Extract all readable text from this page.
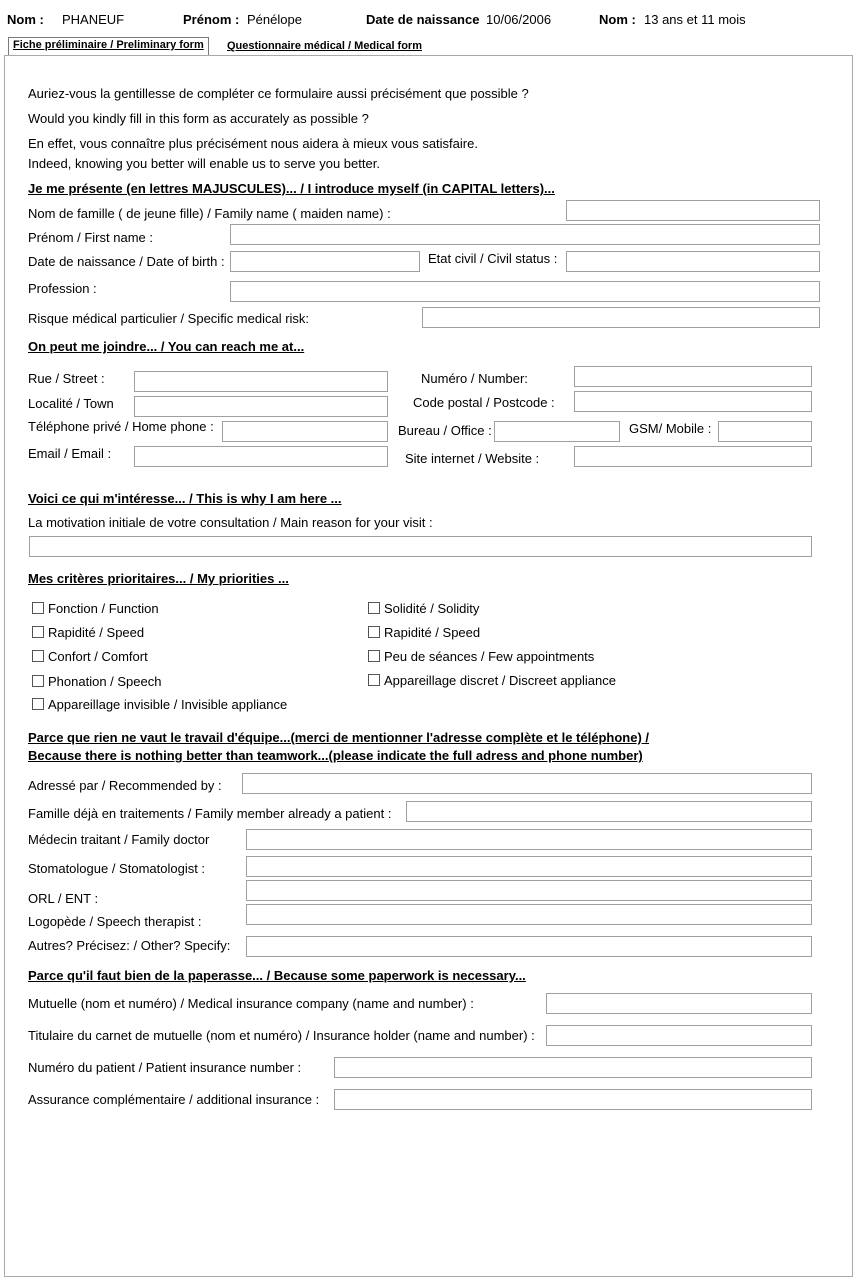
Nom : PHANEUF	Prénom : Pénélope	Date de naissance 10/06/2006	Nom : 13 ans et 11 mois
Fiche préliminaire / Preliminary form	Questionnaire médical / Medical form
Auriez-vous la gentillesse de compléter ce formulaire aussi précisément que possible ?
Would you kindly fill in this form as accurately as possible ?
En effet, vous connaître plus précisément nous aidera à mieux vous satisfaire.
Indeed, knowing you better will enable us to serve you better.
Je me présente (en lettres MAJUSCULES)... / I introduce myself (in CAPITAL letters)...
Nom de famille ( de jeune fille) / Family name ( maiden name) :
Prénom / First name :
Date de naissance / Date of birth :	Etat civil / Civil status :
Profession :
Risque médical particulier / Specific medical risk:
On peut me joindre... / You can reach me at...
Rue / Street :	Numéro / Number:
Localité / Town	Code postal / Postcode :
Téléphone privé / Home phone :	Bureau / Office :	GSM/ Mobile :
Email / Email :	Site internet / Website :
Voici ce qui m'intéresse... / This is why I am here ...
La motivation initiale de votre consultation / Main reason for your visit :
Mes critères prioritaires... / My priorities ...
Fonction / Function
Rapidité / Speed
Confort / Comfort
Phonation / Speech
Appareillage invisible / Invisible appliance
Solidité / Solidity
Rapidité / Speed
Peu de séances / Few appointments
Appareillage discret / Discreet appliance
Parce que rien ne vaut le travail d'équipe...(merci de mentionner l'adresse complète et le téléphone) /
Because there is nothing better than teamwork...(please indicate the full adress and phone number)
Adressé par / Recommended by :
Famille déjà en traitements / Family member already a patient :
Médecin traitant / Family doctor
Stomatologue / Stomatologist :
ORL / ENT :
Logopède / Speech therapist :
Autres? Précisez: / Other? Specify:
Parce qu'il faut bien de la paperasse... / Because some paperwork is necessary...
Mutuelle (nom et numéro) / Medical insurance company (name and number) :
Titulaire du carnet de mutuelle (nom et numéro) / Insurance holder (name and number) :
Numéro du patient / Patient insurance number :
Assurance complémentaire / additional insurance :
